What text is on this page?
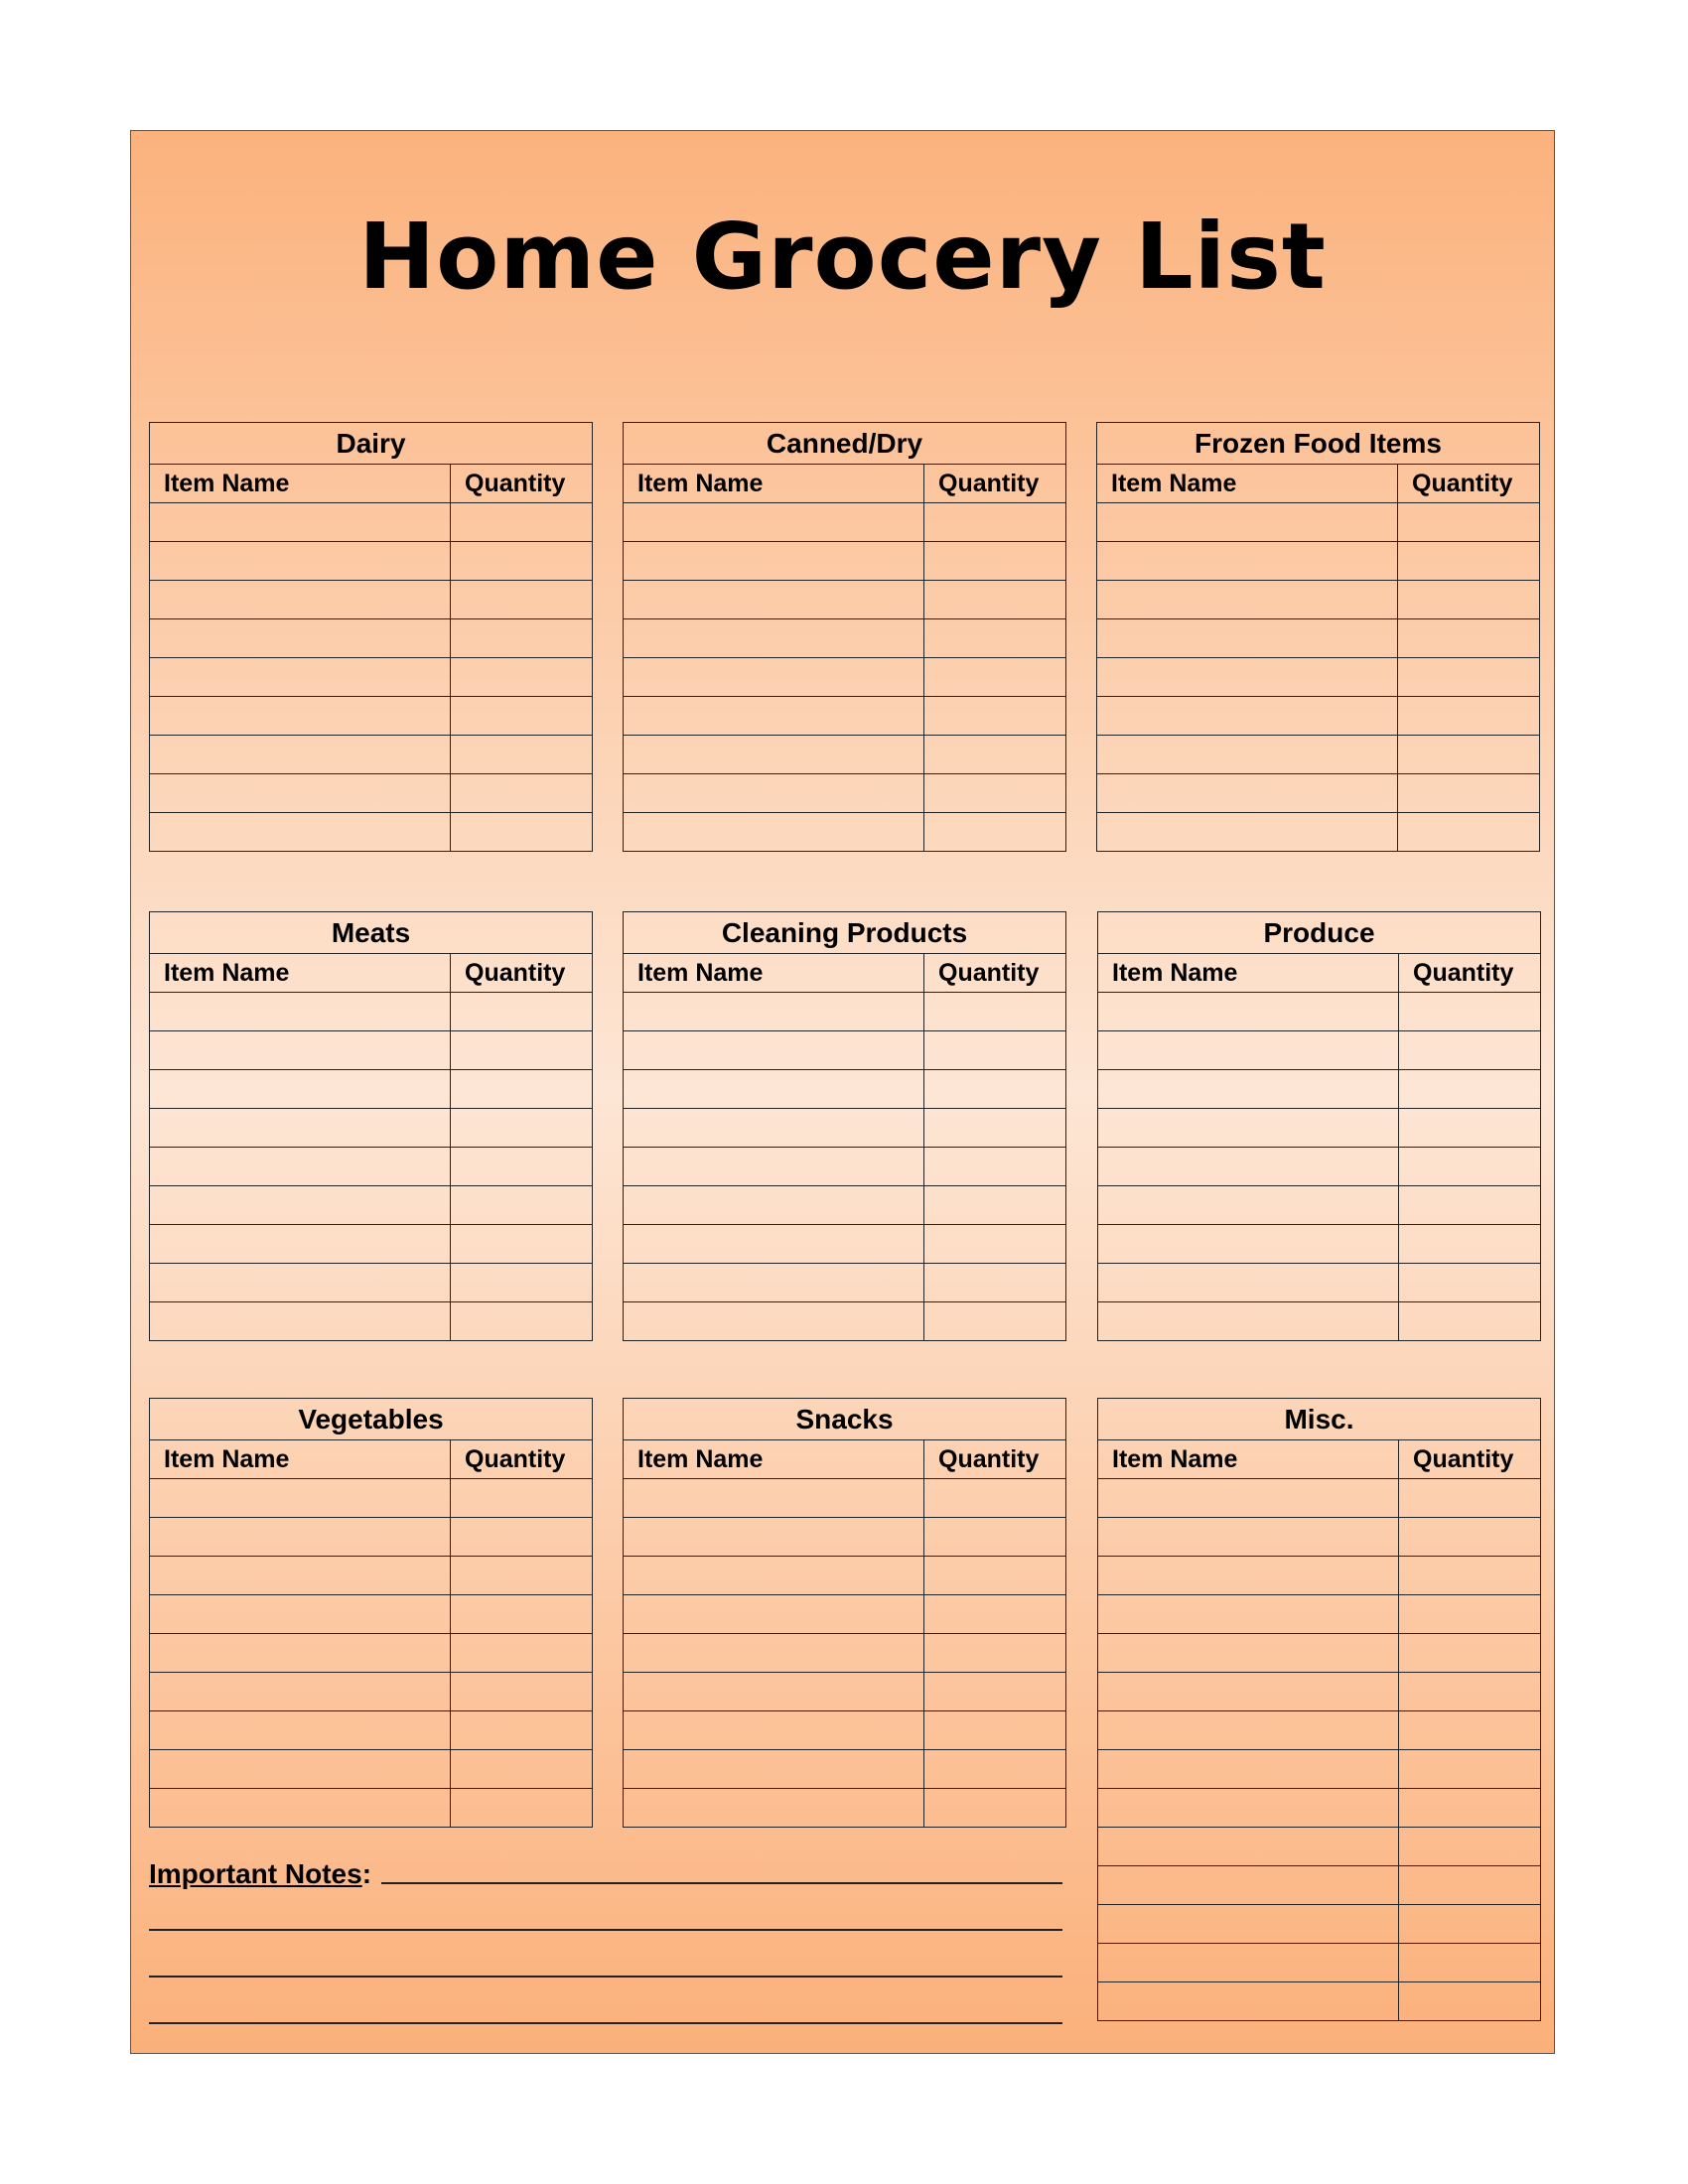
Home Grocery List
Dairy	
Item Name	Quantity

Canned/Dry	
Item Name	Quantity

Frozen Food Items	
Item Name	Quantity

Meats	
Item Name	Quantity

Cleaning Products	
Item Name	Quantity

Produce	
Item Name	Quantity

Vegetables	
Item Name	Quantity

Snacks	
Item Name	Quantity

Misc.	
Item Name	Quantity

Important Notes :
